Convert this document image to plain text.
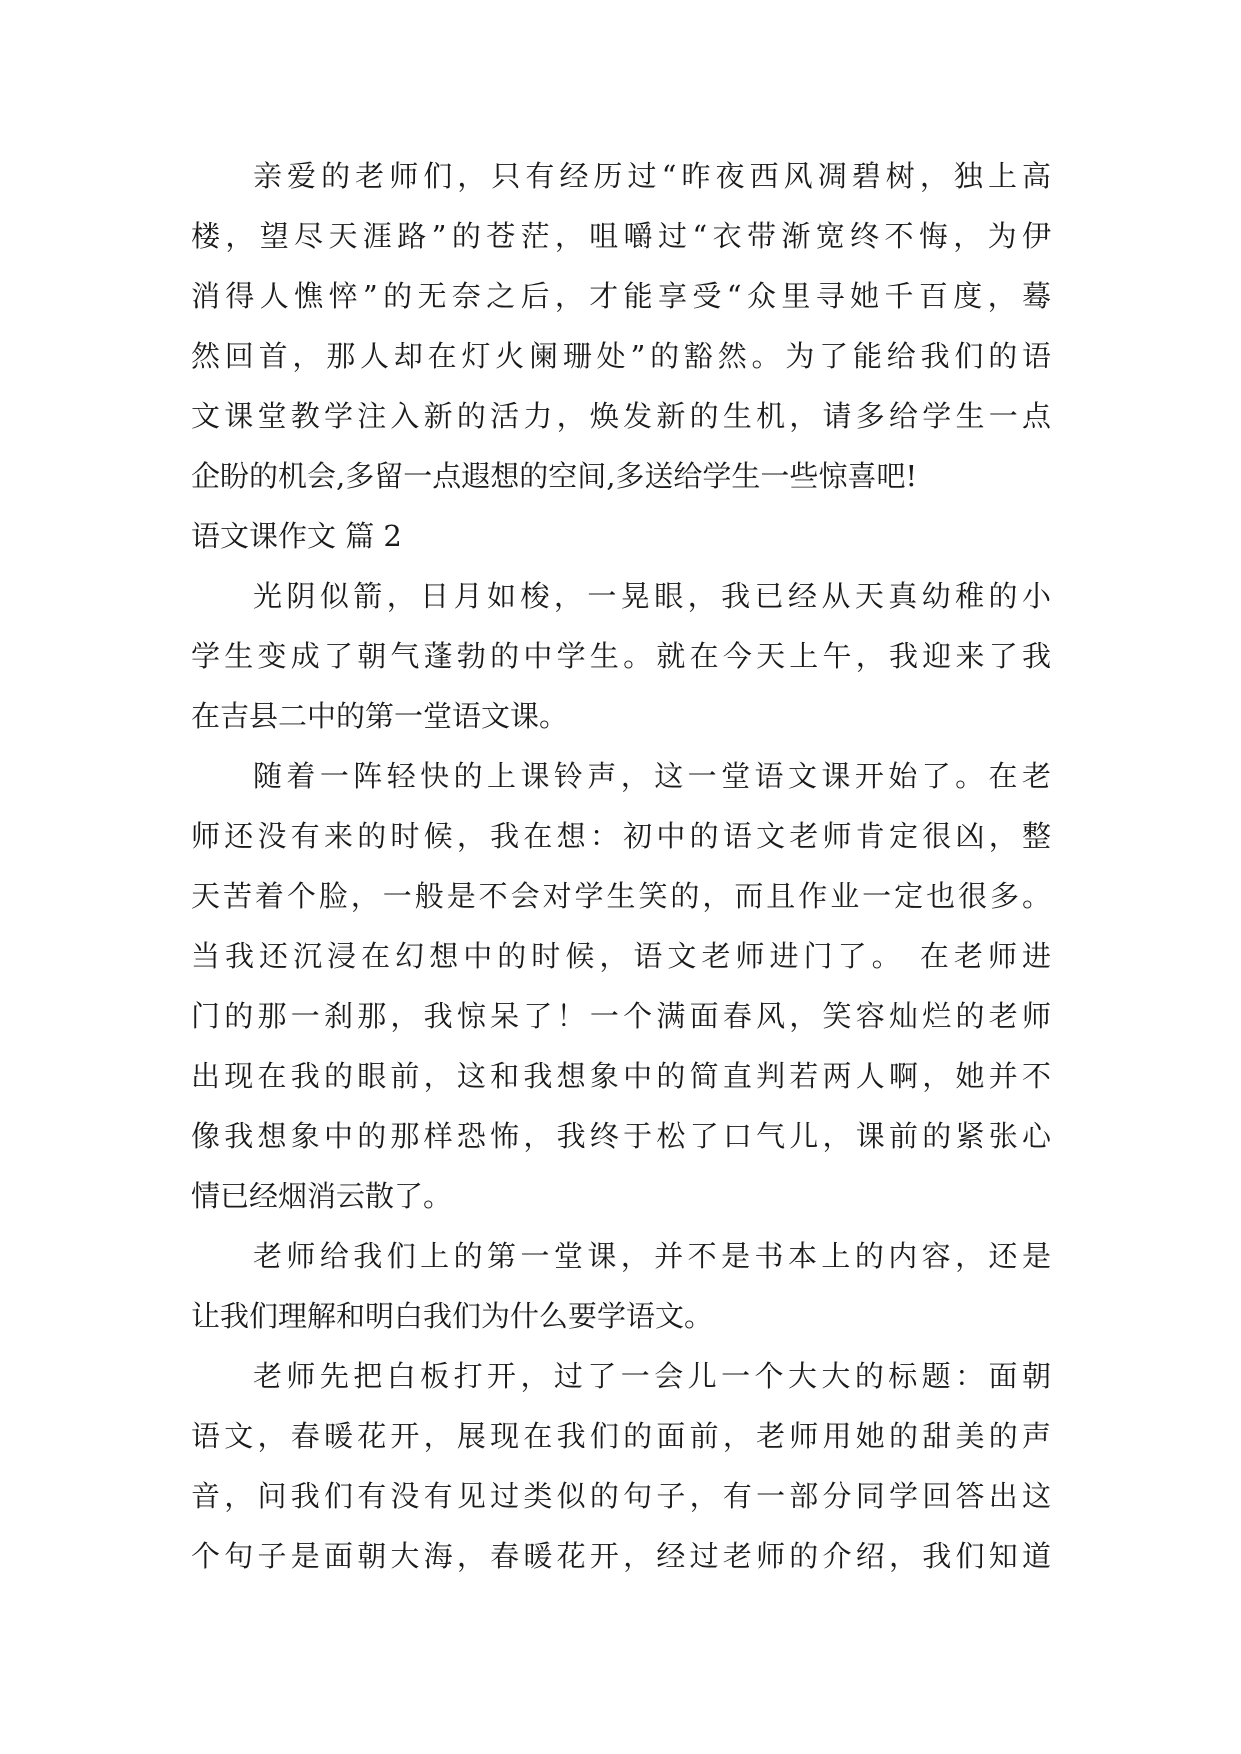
亲爱的老师们，只有经历过“昨夜西风凋碧树，独上高
楼，望尽天涯路”的苍茫，咀嚼过“衣带渐宽终不悔，为伊
消得人憔悴”的无奈之后，才能享受“众里寻她千百度，蓦
然回首，那人却在灯火阑珊处”的豁然。为了能给我们的语
文课堂教学注入新的活力，焕发新的生机，请多给学生一点
企盼的机会,多留一点遐想的空间,多送给学生一些惊喜吧!
语文课作文 篇 2
光阴似箭，日月如梭，一晃眼，我已经从天真幼稚的小
学生变成了朝气蓬勃的中学生。就在今天上午，我迎来了我
在吉县二中的第一堂语文课。
随着一阵轻快的上课铃声，这一堂语文课开始了。在老
师还没有来的时候，我在想：初中的语文老师肯定很凶，整
天苦着个脸，一般是不会对学生笑的，而且作业一定也很多。
当我还沉浸在幻想中的时候，语文老师进门了。 在老师进
门的那一刹那，我惊呆了！一个满面春风，笑容灿烂的老师
出现在我的眼前，这和我想象中的简直判若两人啊，她并不
像我想象中的那样恐怖，我终于松了口气儿，课前的紧张心
情已经烟消云散了。
老师给我们上的第一堂课，并不是书本上的内容，还是
让我们理解和明白我们为什么要学语文。
老师先把白板打开，过了一会儿一个大大的标题：面朝
语文，春暖花开，展现在我们的面前，老师用她的甜美的声
音，问我们有没有见过类似的句子，有一部分同学回答出这
个句子是面朝大海，春暖花开，经过老师的介绍，我们知道
